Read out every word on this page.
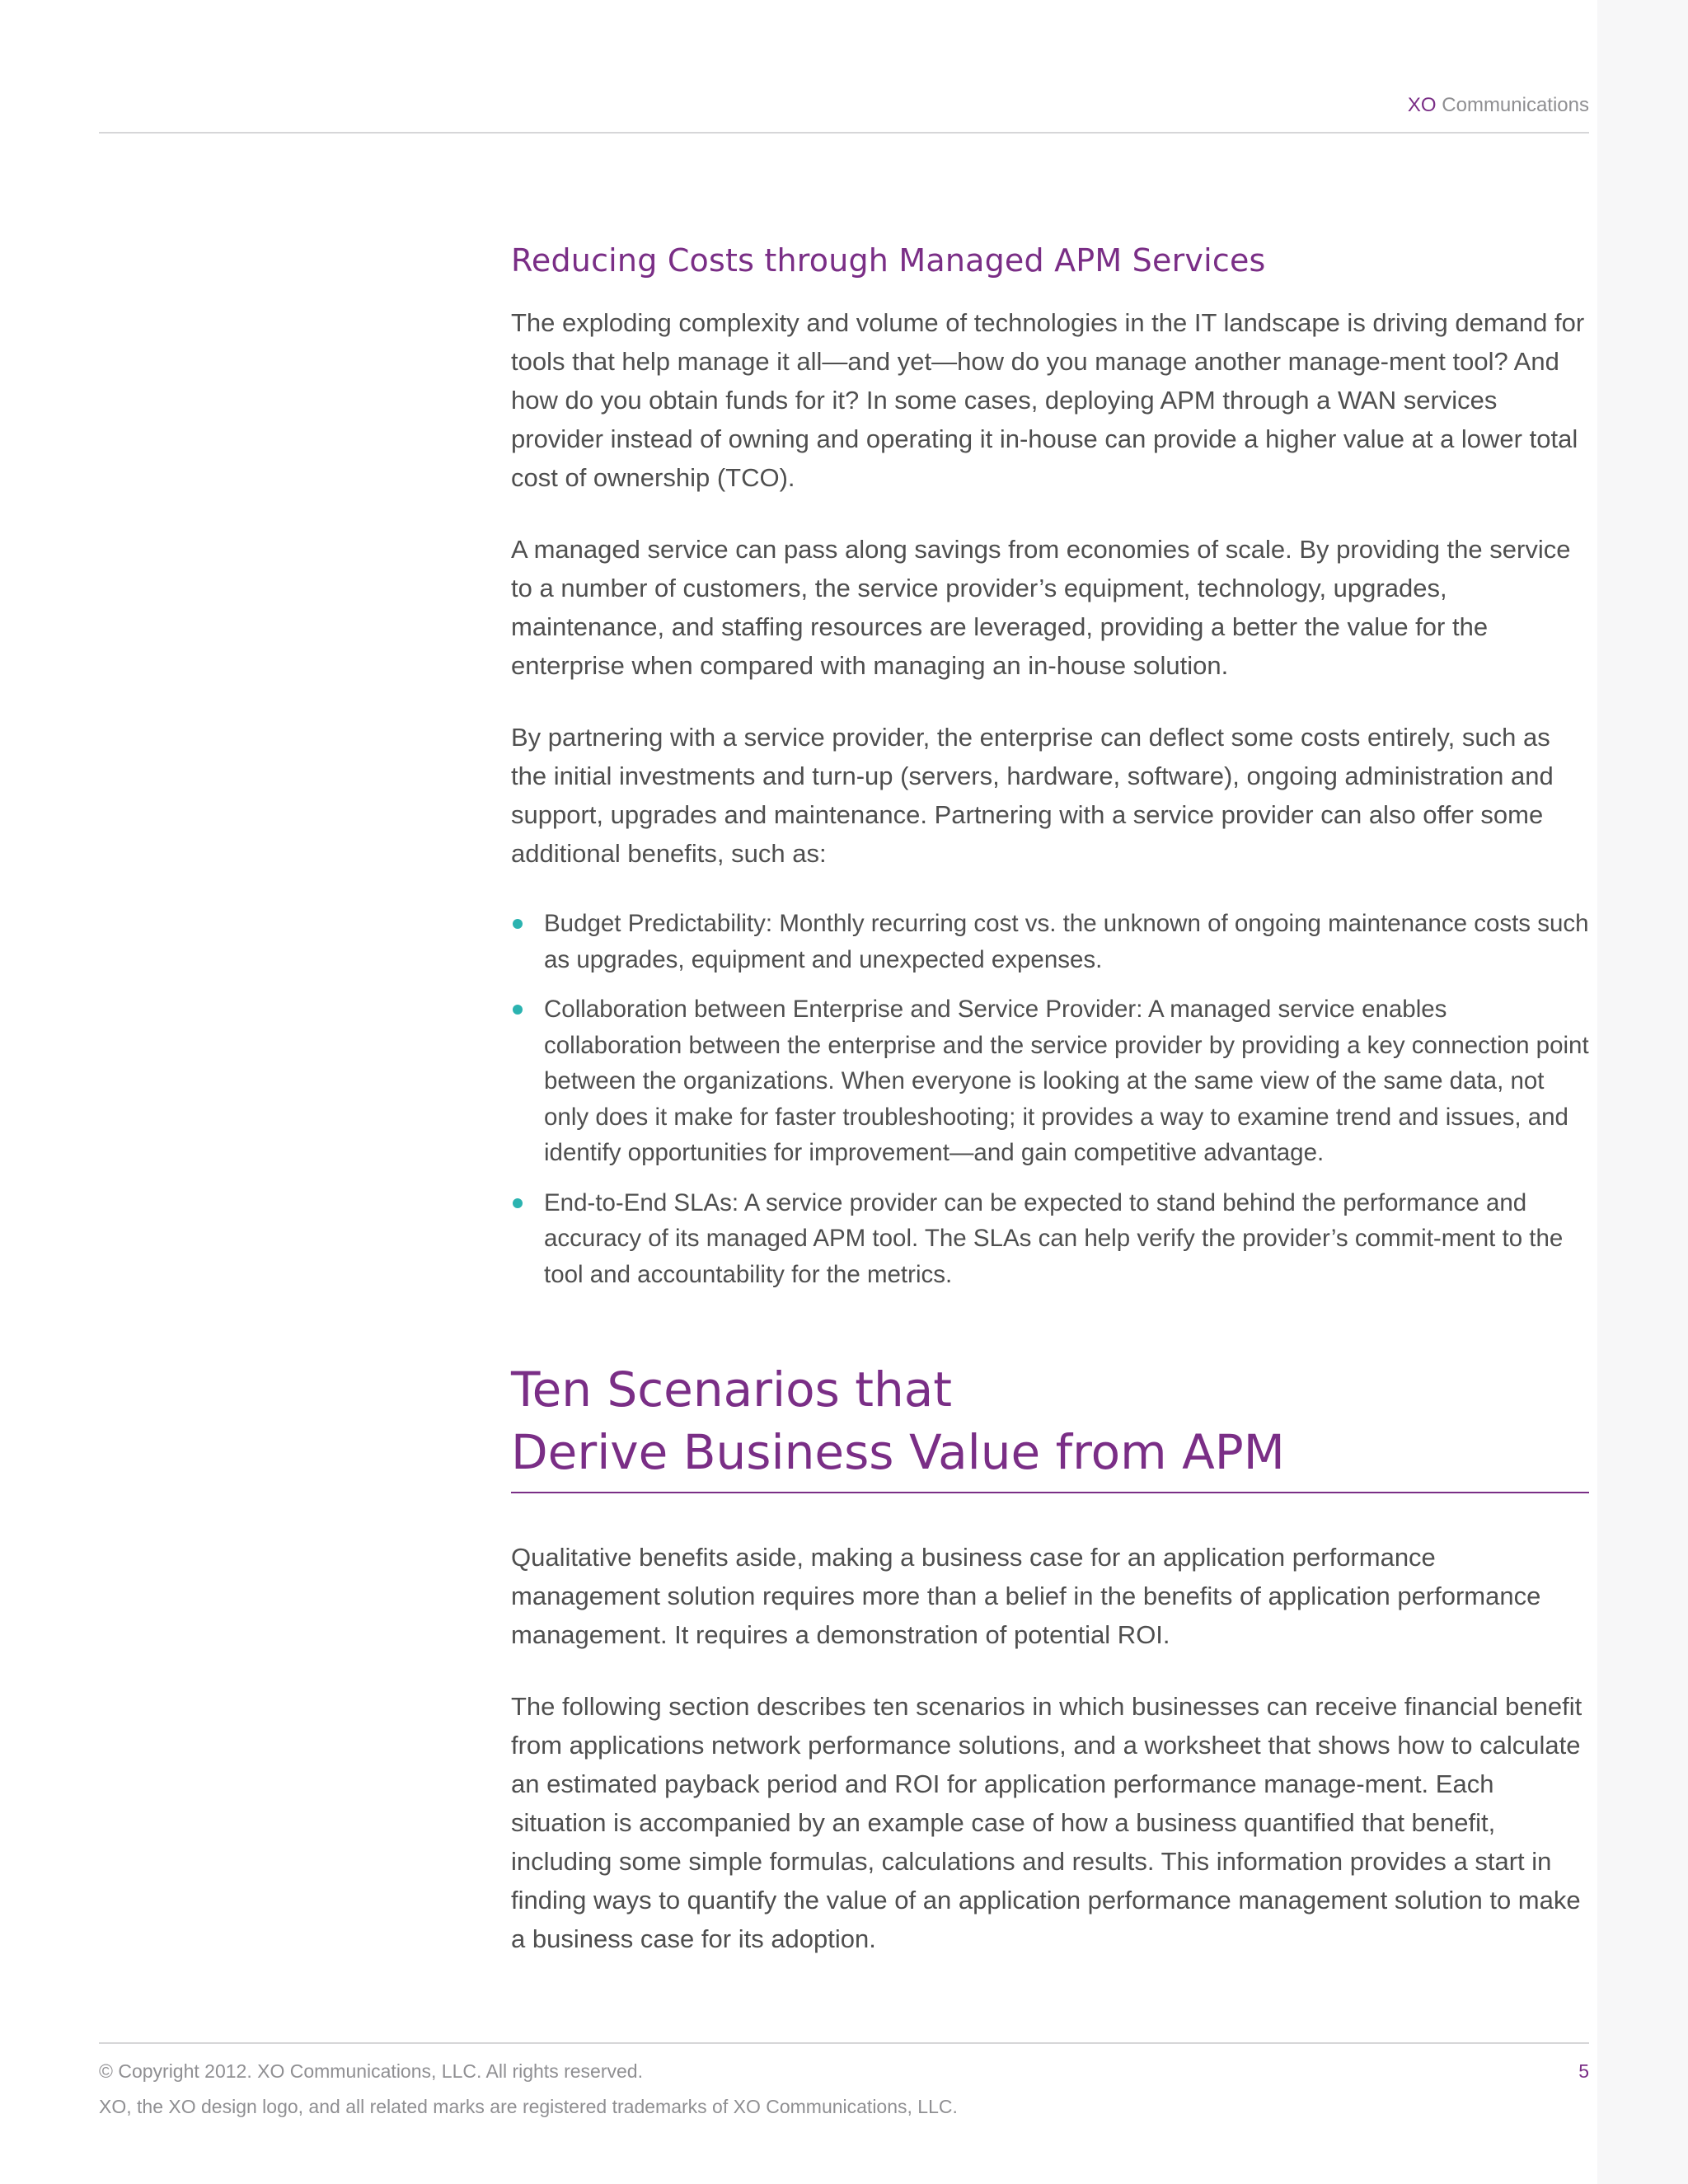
XO Communications
Reducing Costs through Managed APM Services

The exploding complexity and volume of technologies in the IT landscape is driving demand for tools that help manage it all—and yet—how do you manage another manage-ment tool? And how do you obtain funds for it? In some cases, deploying APM through a WAN services provider instead of owning and operating it in-house can provide a higher value at a lower total cost of ownership (TCO).

A managed service can pass along savings from economies of scale. By providing the service to a number of customers, the service provider’s equipment, technology, upgrades, maintenance, and staffing resources are leveraged, providing a better the value for the enterprise when compared with managing an in-house solution.

By partnering with a service provider, the enterprise can deflect some costs entirely, such as the initial investments and turn-up (servers, hardware, software), ongoing administration and support, upgrades and maintenance. Partnering with a service provider can also offer some additional benefits, such as:

Budget Predictability: Monthly recurring cost vs. the unknown of ongoing maintenance costs such as upgrades, equipment and unexpected expenses.
Collaboration between Enterprise and Service Provider: A managed service enables collaboration between the enterprise and the service provider by providing a key connection point between the organizations. When everyone is looking at the same view of the same data, not only does it make for faster troubleshooting; it provides a way to examine trend and issues, and identify opportunities for improvement—and gain competitive advantage.
End-to-End SLAs: A service provider can be expected to stand behind the performance and accuracy of its managed APM tool. The SLAs can help verify the provider’s commit-ment to the tool and accountability for the metrics.
Ten Scenarios that
Derive Business Value from APM

Qualitative benefits aside, making a business case for an application performance management solution requires more than a belief in the benefits of application performance management. It requires a demonstration of potential ROI.

The following section describes ten scenarios in which businesses can receive financial benefit from applications network performance solutions, and a worksheet that shows how to calculate an estimated payback period and ROI for application performance manage-ment. Each situation is accompanied by an example case of how a business quantified that benefit, including some simple formulas, calculations and results. This information provides a start in finding ways to quantify the value of an application performance management solution to make a business case for its adoption.

© Copyright 2012. XO Communications, LLC. All rights reserved.
XO, the XO design logo, and all related marks are registered trademarks of XO Communications, LLC.
5
